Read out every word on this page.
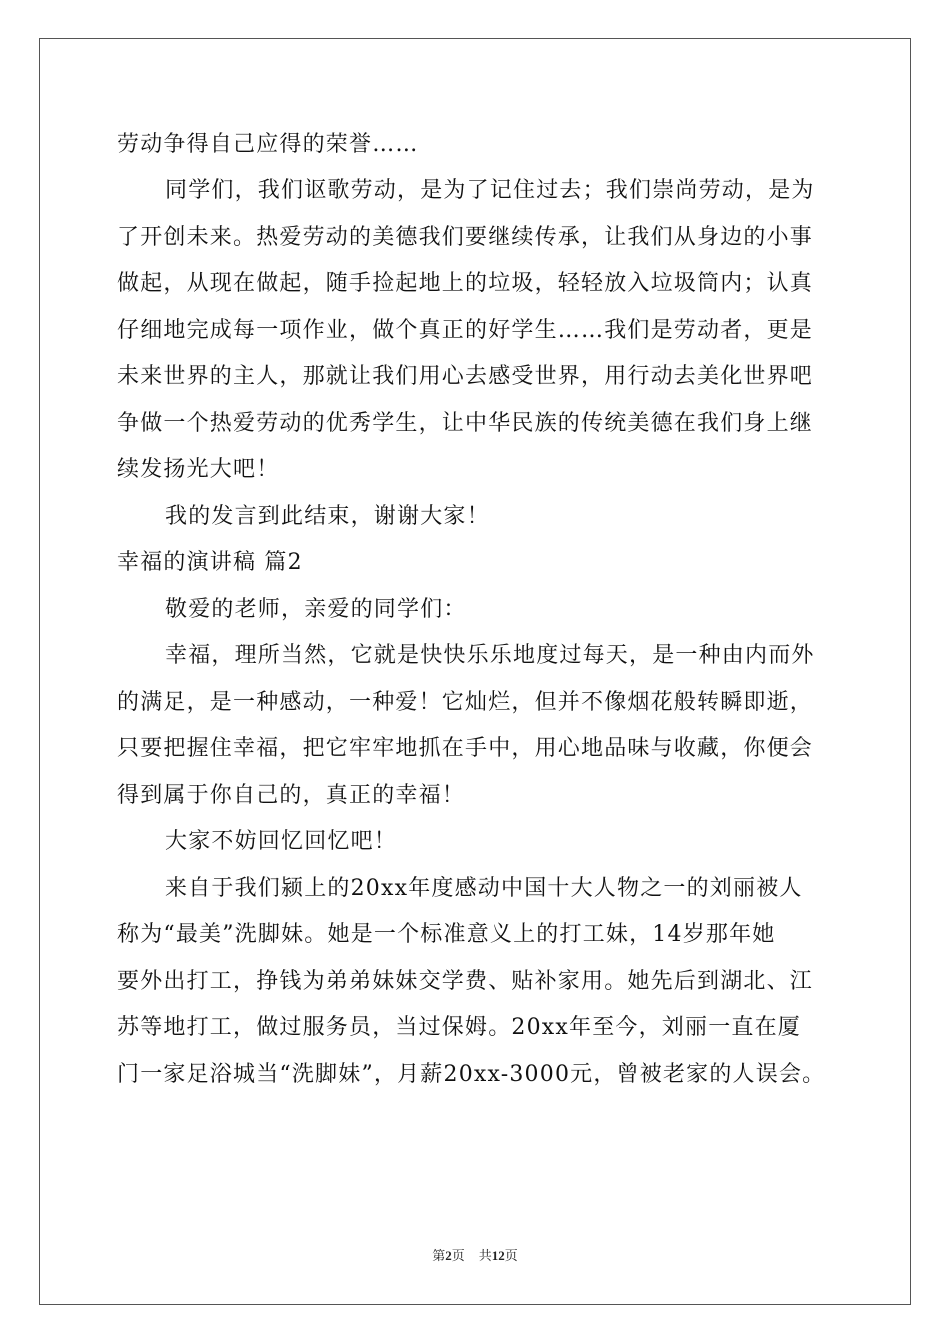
劳动争得自己应得的荣誉……
同学们，我们讴歌劳动，是为了记住过去；我们崇尚劳动，是为
了开创未来。热爱劳动的美德我们要继续传承，让我们从身边的小事
做起，从现在做起，随手捡起地上的垃圾，轻轻放入垃圾筒内；认真
仔细地完成每一项作业，做个真正的好学生……我们是劳动者，更是
未来世界的主人，那就让我们用心去感受世界，用行动去美化世界吧
争做一个热爱劳动的优秀学生，让中华民族的传统美德在我们身上继
续发扬光大吧！
我的发言到此结束，谢谢大家！
幸福的演讲稿 篇2
敬爱的老师，亲爱的同学们：
幸福，理所当然，它就是快快乐乐地度过每天，是一种由内而外
的满足，是一种感动，一种爱！它灿烂，但并不像烟花般转瞬即逝，
只要把握住幸福，把它牢牢地抓在手中，用心地品味与收藏，你便会
得到属于你自己的，真正的幸福！
大家不妨回忆回忆吧！
来自于我们颍上的20xx年度感动中国十大人物之一的刘丽被人
称为“最美”洗脚妹。她是一个标准意义上的打工妹，14岁那年她
要外出打工，挣钱为弟弟妹妹交学费、贴补家用。她先后到湖北、江
苏等地打工，做过服务员，当过保姆。20xx年至今，刘丽一直在厦
门一家足浴城当“洗脚妹”，月薪20xx-3000元，曾被老家的人误会。
第2页 共12页
